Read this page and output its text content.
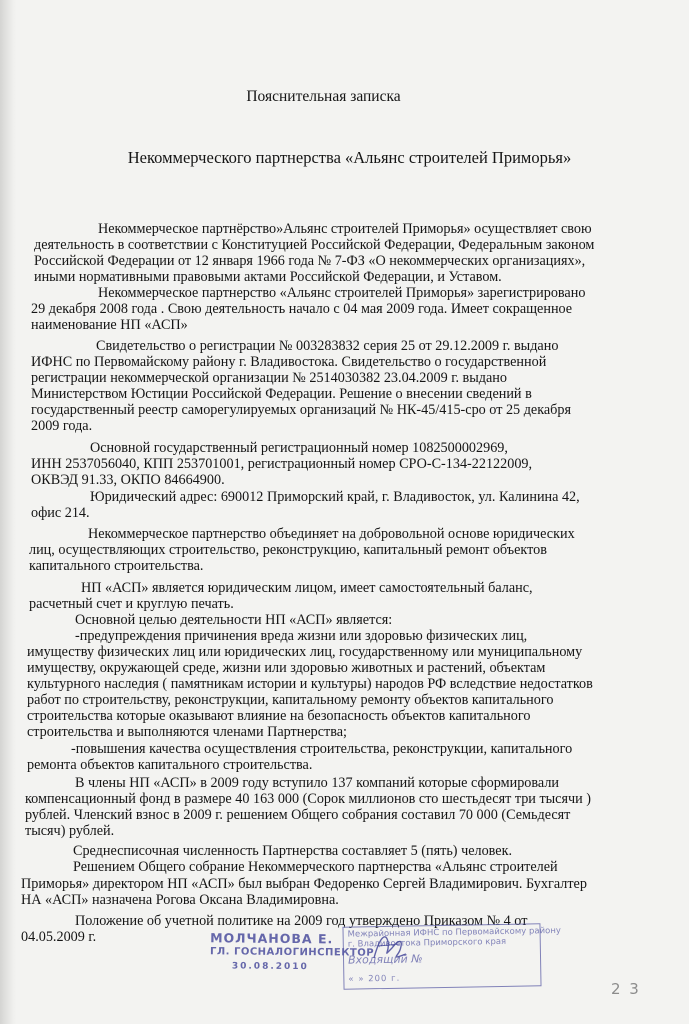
Пояснительная записка
Некоммерческого партнерства «Альянс строителей Приморья»
Некоммерческое партнёрство»Альянс строителей Приморья» осуществляет свою
деятельность в соответствии с Конституцией Российской Федерации, Федеральным законом
Российской Федерации от 12 января 1966 года № 7-ФЗ «О некоммерческих организациях»,
иными нормативными правовыми актами Российской Федерации, и Уставом.
Некоммерческое партнерство «Альянс строителей Приморья» зарегистрировано
29 декабря 2008 года . Свою деятельность начало с 04 мая 2009 года. Имеет сокращенное
наименование НП «АСП»
Свидетельство о регистрации № 003283832 серия 25 от 29.12.2009 г. выдано
ИФНС по Первомайскому району г. Владивостока. Свидетельство о государственной
регистрации некоммерческой организации № 2514030382 23.04.2009 г. выдано
Министерством Юстиции Российской Федерации. Решение о внесении сведений в
государственный реестр саморегулируемых организаций № НК-45/415-сро от 25 декабря
2009 года.
Основной государственный регистрационный номер 1082500002969,
ИНН 2537056040, КПП 253701001, регистрационный номер СРО-С-134-22122009,
ОКВЭД 91.33, ОКПО 84664900.
Юридический адрес: 690012 Приморский край, г. Владивосток, ул. Калинина 42,
офис 214.
Некоммерческое партнерство объединяет на добровольной основе юридических
лиц, осуществляющих строительство, реконструкцию, капитальный ремонт объектов
капитального строительства.
НП «АСП» является юридическим лицом, имеет самостоятельный баланс,
расчетный счет и круглую печать.
Основной целью деятельности НП «АСП» является:
-предупреждения причинения вреда жизни или здоровью физических лиц,
имуществу физических лиц или юридических лиц, государственному или муниципальному
имуществу, окружающей среде, жизни или здоровью животных и растений, объектам
культурного наследия ( памятникам истории и культуры) народов РФ вследствие недостатков
работ по строительству, реконструкции, капитальному ремонту объектов капитального
строительства которые оказывают влияние на безопасность объектов капитального
строительства и выполняются членами Партнерства;
-повышения качества осуществления строительства, реконструкции, капитального
ремонта объектов капитального строительства.
В члены НП «АСП» в 2009 году вступило 137 компаний которые сформировали
компенсационный фонд в размере 40 163 000 (Сорок миллионов сто шестьдесят три тысячи )
рублей. Членский взнос в 2009 г. решением Общего собрания составил 70 000 (Семьдесят
тысяч) рублей.
Среднесписочная численность Партнерства составляет 5 (пять) человек.
Решением Общего собрание Некоммерческого партнерства «Альянс строителей
Приморья» директором НП «АСП» был выбран Федоренко Сергей Владимирович. Бухгалтер
НА «АСП» назначена Рогова Оксана Владимировна.
Положение об учетной политике на 2009 год утверждено Приказом № 4 от
04.05.2009 г.	МОЛЧАНОВА Е.
ГЛ. ГОСНАЛОГИНСПЕКТОР
30.08.2010
Межрайонная ИФНС по Первомайскому району
г. Владивостока Приморского края
Входящий №
« » 200 г.
2 3
